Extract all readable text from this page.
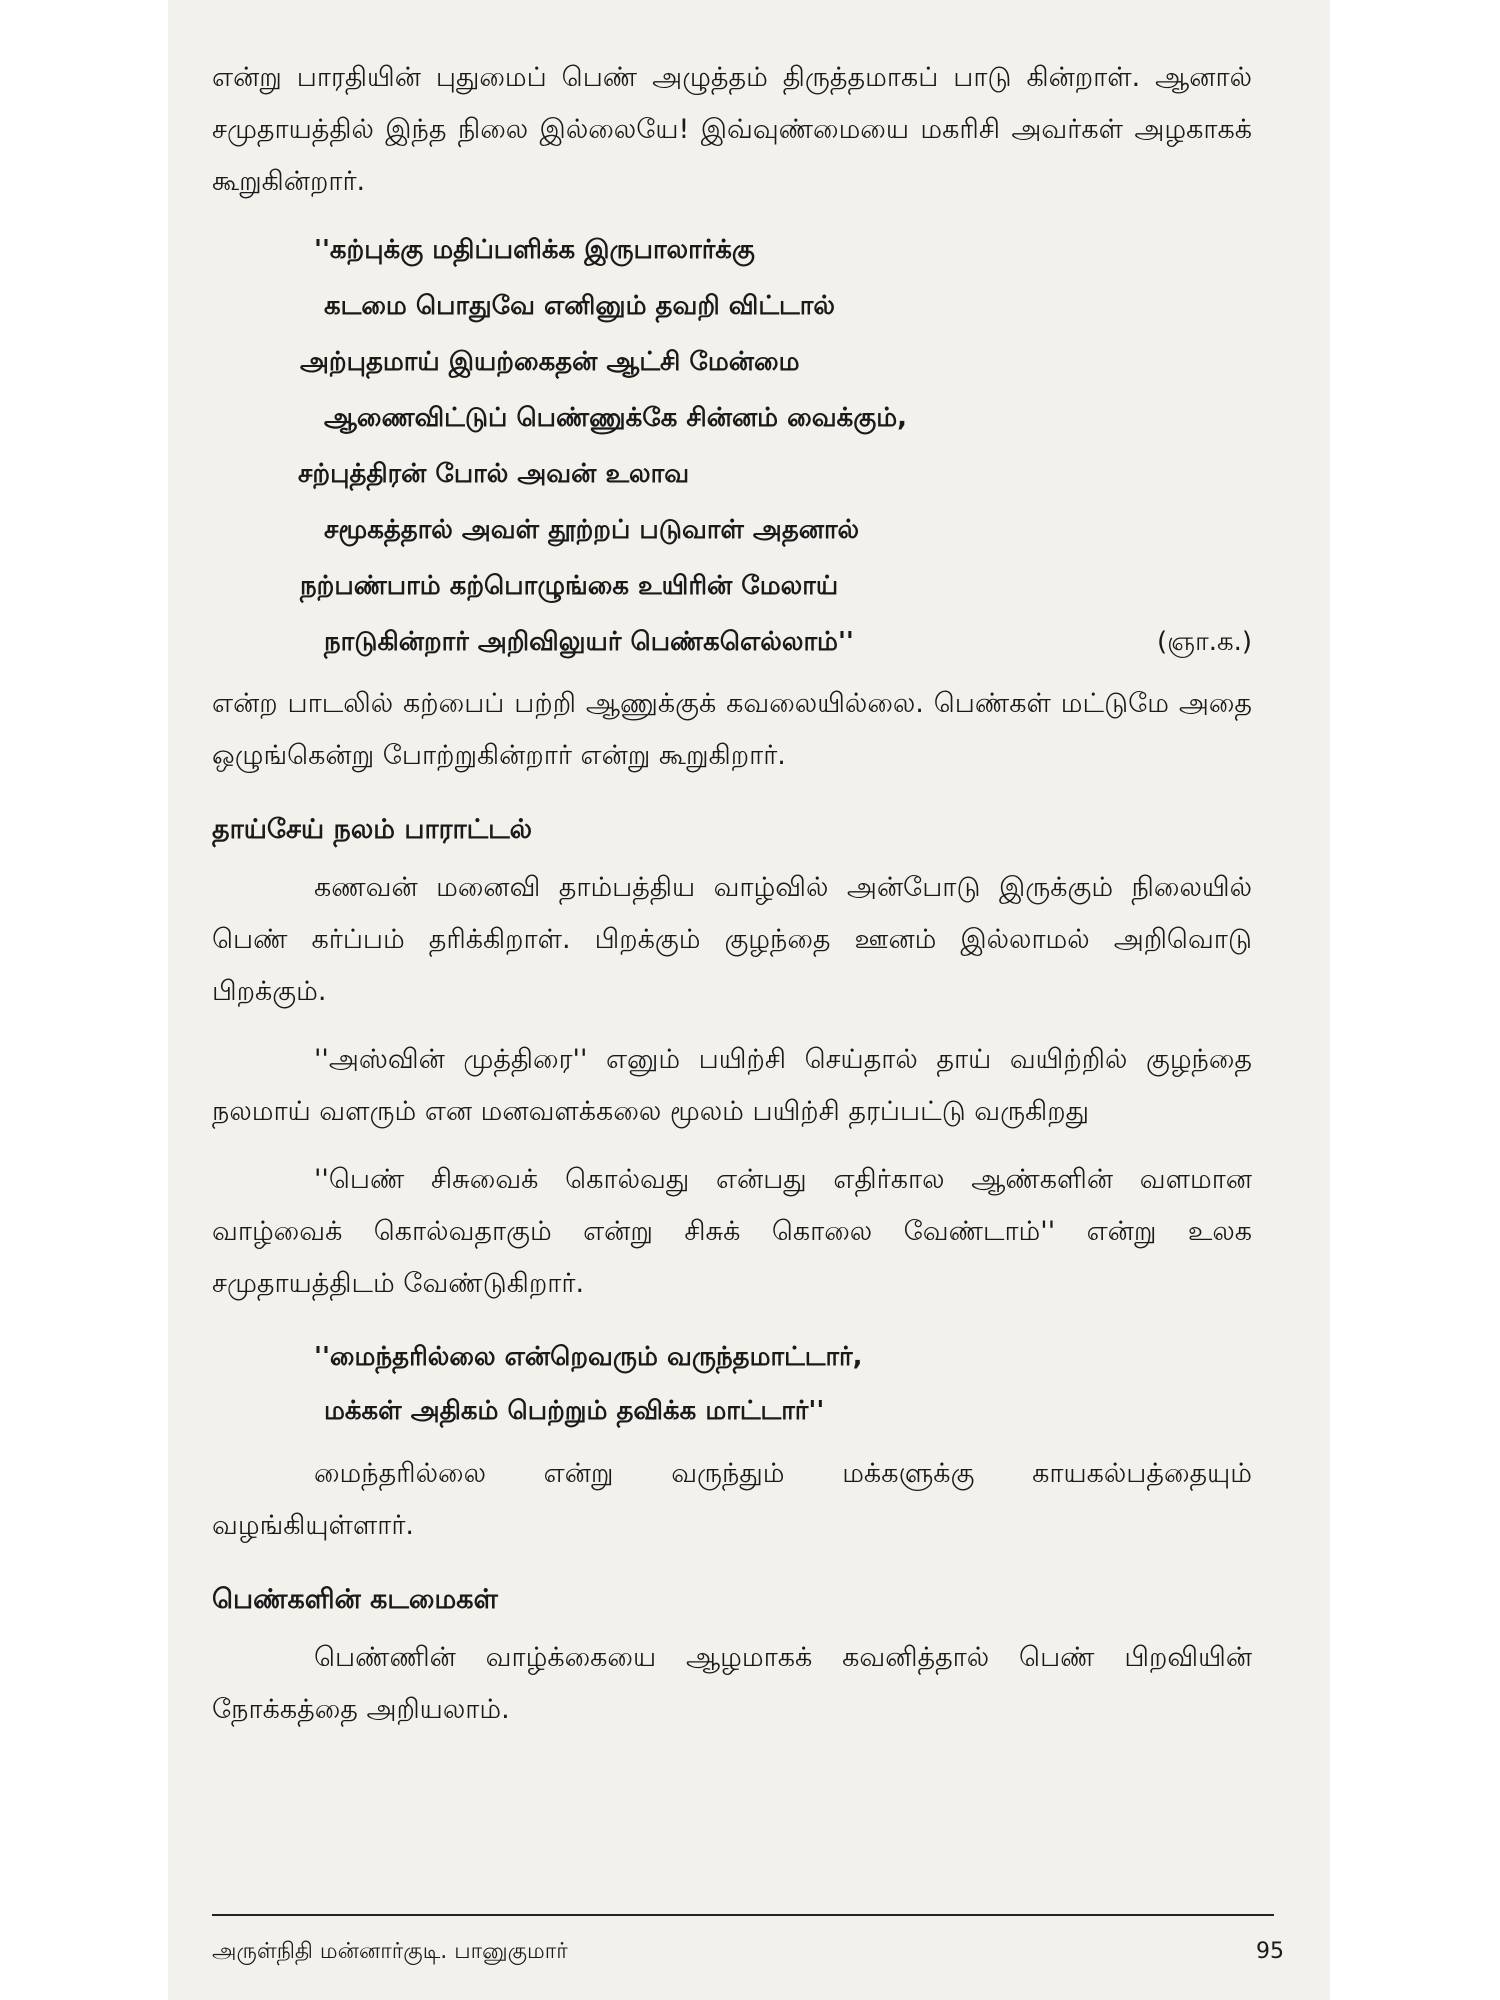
என்று பாரதியின் புதுமைப் பெண் அழுத்தம் திருத்தமாகப் பாடு கின்றாள். ஆனால் சமுதாயத்தில் இந்த நிலை இல்லையே! இவ்வுண்மையை மகரிசி அவர்கள் அழகாகக் கூறுகின்றார்.

''கற்புக்கு மதிப்பளிக்க இருபாலார்க்கு
கடமை பொதுவே எனினும் தவறி விட்டால்
அற்புதமாய் இயற்கைதன் ஆட்சி மேன்மை
ஆணைவிட்டுப் பெண்ணுக்கே சின்னம் வைக்கும்,
சற்புத்திரன் போல் அவன் உலாவ
சமூகத்தால் அவள் தூற்றப் படுவாள் அதனால்
நற்பண்பாம் கற்பொழுங்கை உயிரின் மேலாய்
நாடுகின்றார் அறிவிலுயர் பெண்கஎெல்லாம்''	(ஞா.க.)

என்ற பாடலில் கற்பைப் பற்றி ஆணுக்குக் கவலையில்லை. பெண்கள் மட்டுமே அதை ஒழுங்கென்று போற்றுகின்றார் என்று கூறுகிறார்.

தாய்சேய் நலம் பாராட்டல்

கணவன் மனைவி தாம்பத்திய வாழ்வில் அன்போடு இருக்கும் நிலையில் பெண் கர்ப்பம் தரிக்கிறாள். பிறக்கும் குழந்தை ஊனம் இல்லாமல் அறிவொடு பிறக்கும்.

''அஸ்வின் முத்திரை'' எனும் பயிற்சி செய்தால் தாய் வயிற்றில் குழந்தை நலமாய் வளரும் என மனவளக்கலை மூலம் பயிற்சி தரப்பட்டு வருகிறது

''பெண் சிசுவைக் கொல்வது என்பது எதிர்கால ஆண்களின் வளமான வாழ்வைக் கொல்வதாகும் என்று சிசுக் கொலை வேண்டாம்'' என்று உலக சமுதாயத்திடம் வேண்டுகிறார்.

''மைந்தரில்லை என்றெவரும் வருந்தமாட்டார்,
மக்கள் அதிகம் பெற்றும் தவிக்க மாட்டார்''

மைந்தரில்லை என்று வருந்தும் மக்களுக்கு காயகல்பத்தையும் வழங்கியுள்ளார்.

பெண்களின் கடமைகள்

பெண்ணின் வாழ்க்கையை ஆழமாகக் கவனித்தால் பெண் பிறவியின் நோக்கத்தை அறியலாம்.

அருள்நிதி மன்னார்குடி. பானுகுமார்	95
